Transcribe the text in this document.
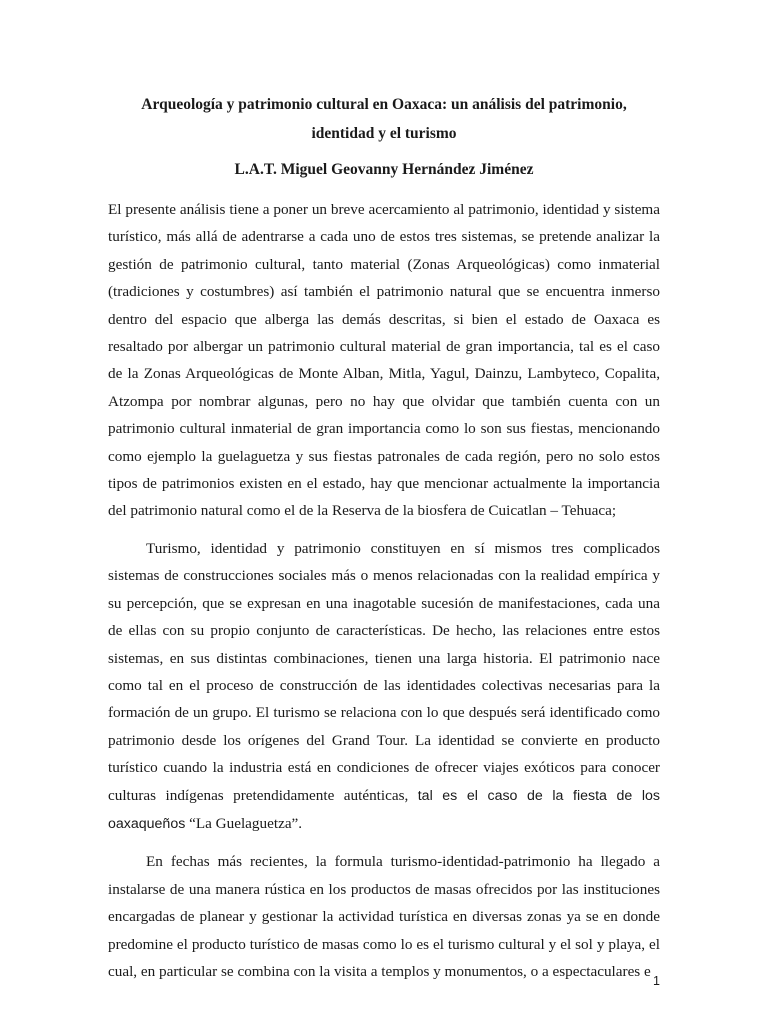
Arqueología y patrimonio cultural en Oaxaca: un análisis del patrimonio, identidad y el turismo
L.A.T. Miguel Geovanny Hernández Jiménez

El presente análisis tiene a poner un breve acercamiento al patrimonio, identidad y sistema turístico, más allá de adentrarse a cada uno de estos tres sistemas, se pretende analizar la gestión de patrimonio cultural, tanto material (Zonas Arqueológicas) como inmaterial (tradiciones y costumbres) así también el patrimonio natural que se encuentra inmerso dentro del espacio que alberga las demás descritas, si bien el estado de Oaxaca es resaltado por albergar un patrimonio cultural material de gran importancia, tal es el caso de la Zonas Arqueológicas de Monte Alban, Mitla, Yagul, Dainzu, Lambyteco, Copalita, Atzompa por nombrar algunas, pero no hay que olvidar que también cuenta con un patrimonio cultural inmaterial de gran importancia como lo son sus fiestas, mencionando como ejemplo la guelaguetza y sus fiestas patronales de cada región, pero no solo estos tipos de patrimonios existen en el estado, hay que mencionar actualmente la importancia del patrimonio natural como el de la Reserva de la biosfera de Cuicatlan – Tehuaca;

Turismo, identidad y patrimonio constituyen en sí mismos tres complicados sistemas de construcciones sociales más o menos relacionadas con la realidad empírica y su percepción, que se expresan en una inagotable sucesión de manifestaciones, cada una de ellas con su propio conjunto de características. De hecho, las relaciones entre estos sistemas, en sus distintas combinaciones, tienen una larga historia. El patrimonio nace como tal en el proceso de construcción de las identidades colectivas necesarias para la formación de un grupo. El turismo se relaciona con lo que después será identificado como patrimonio desde los orígenes del Grand Tour. La identidad se convierte en producto turístico cuando la industria está en condiciones de ofrecer viajes exóticos para conocer culturas indígenas pretendidamente auténticas, tal es el caso de la fiesta de los oaxaqueños “La Guelaguetza”.

En fechas más recientes, la formula turismo-identidad-patrimonio ha llegado a instalarse de una manera rústica en los productos de masas ofrecidos por las instituciones encargadas de planear y gestionar la actividad turística en diversas zonas ya se en donde predomine el producto turístico de masas como lo es el turismo cultural y el sol y playa, el cual, en particular se combina con la visita a templos y monumentos, o a espectaculares e

1
